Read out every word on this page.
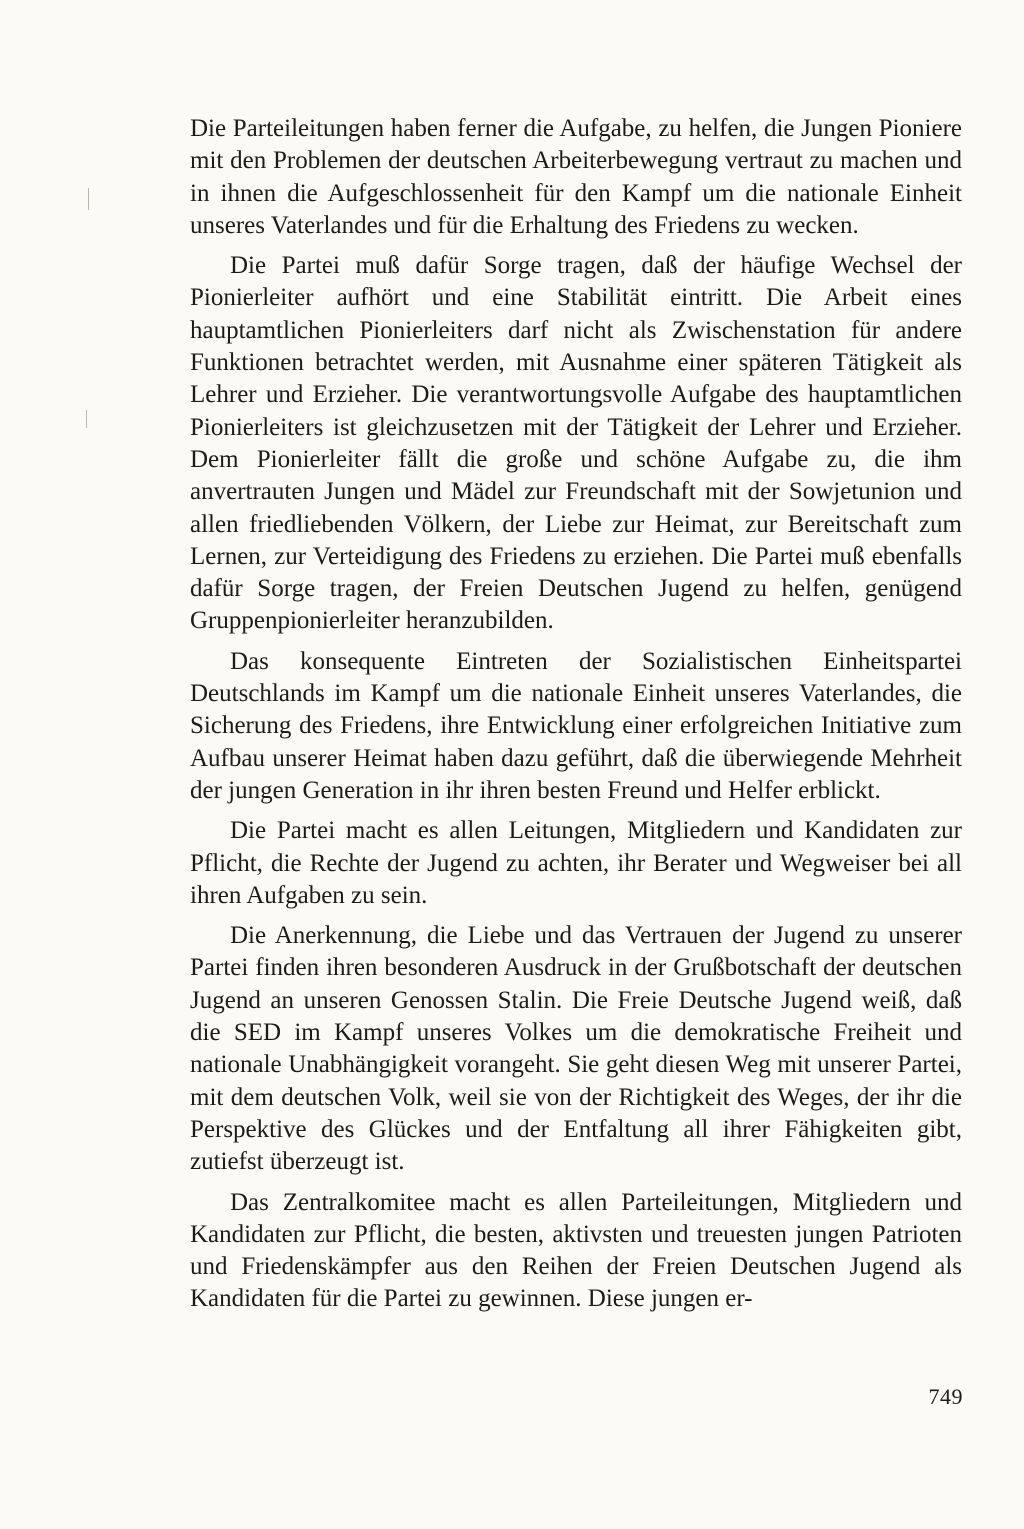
Die Parteileitungen haben ferner die Aufgabe, zu helfen, die Jungen Pioniere mit den Problemen der deutschen Arbeiterbewegung vertraut zu machen und in ihnen die Aufgeschlossenheit für den Kampf um die nationale Einheit unseres Vaterlandes und für die Erhaltung des Friedens zu wecken.

Die Partei muß dafür Sorge tragen, daß der häufige Wechsel der Pionierleiter aufhört und eine Stabilität eintritt. Die Arbeit eines hauptamtlichen Pionierleiters darf nicht als Zwischenstation für andere Funktionen betrachtet werden, mit Ausnahme einer späteren Tätigkeit als Lehrer und Erzieher. Die verantwortungsvolle Aufgabe des hauptamtlichen Pionierleiters ist gleichzusetzen mit der Tätigkeit der Lehrer und Erzieher. Dem Pionierleiter fällt die große und schöne Aufgabe zu, die ihm anvertrauten Jungen und Mädel zur Freundschaft mit der Sowjetunion und allen friedliebenden Völkern, der Liebe zur Heimat, zur Bereitschaft zum Lernen, zur Verteidigung des Friedens zu erziehen. Die Partei muß ebenfalls dafür Sorge tragen, der Freien Deutschen Jugend zu helfen, genügend Gruppenpionierleiter heranzubilden.

Das konsequente Eintreten der Sozialistischen Einheitspartei Deutschlands im Kampf um die nationale Einheit unseres Vaterlandes, die Sicherung des Friedens, ihre Entwicklung einer erfolgreichen Initiative zum Aufbau unserer Heimat haben dazu geführt, daß die überwiegende Mehrheit der jungen Generation in ihr ihren besten Freund und Helfer erblickt.

Die Partei macht es allen Leitungen, Mitgliedern und Kandidaten zur Pflicht, die Rechte der Jugend zu achten, ihr Berater und Wegweiser bei all ihren Aufgaben zu sein.

Die Anerkennung, die Liebe und das Vertrauen der Jugend zu unserer Partei finden ihren besonderen Ausdruck in der Grußbotschaft der deutschen Jugend an unseren Genossen Stalin. Die Freie Deutsche Jugend weiß, daß die SED im Kampf unseres Volkes um die demokratische Freiheit und nationale Unabhängigkeit vorangeht. Sie geht diesen Weg mit unserer Partei, mit dem deutschen Volk, weil sie von der Richtigkeit des Weges, der ihr die Perspektive des Glückes und der Entfaltung all ihrer Fähigkeiten gibt, zutiefst überzeugt ist.

Das Zentralkomitee macht es allen Parteileitungen, Mitgliedern und Kandidaten zur Pflicht, die besten, aktivsten und treuesten jungen Patrioten und Friedenskämpfer aus den Reihen der Freien Deutschen Jugend als Kandidaten für die Partei zu gewinnen. Diese jungen er-

749
